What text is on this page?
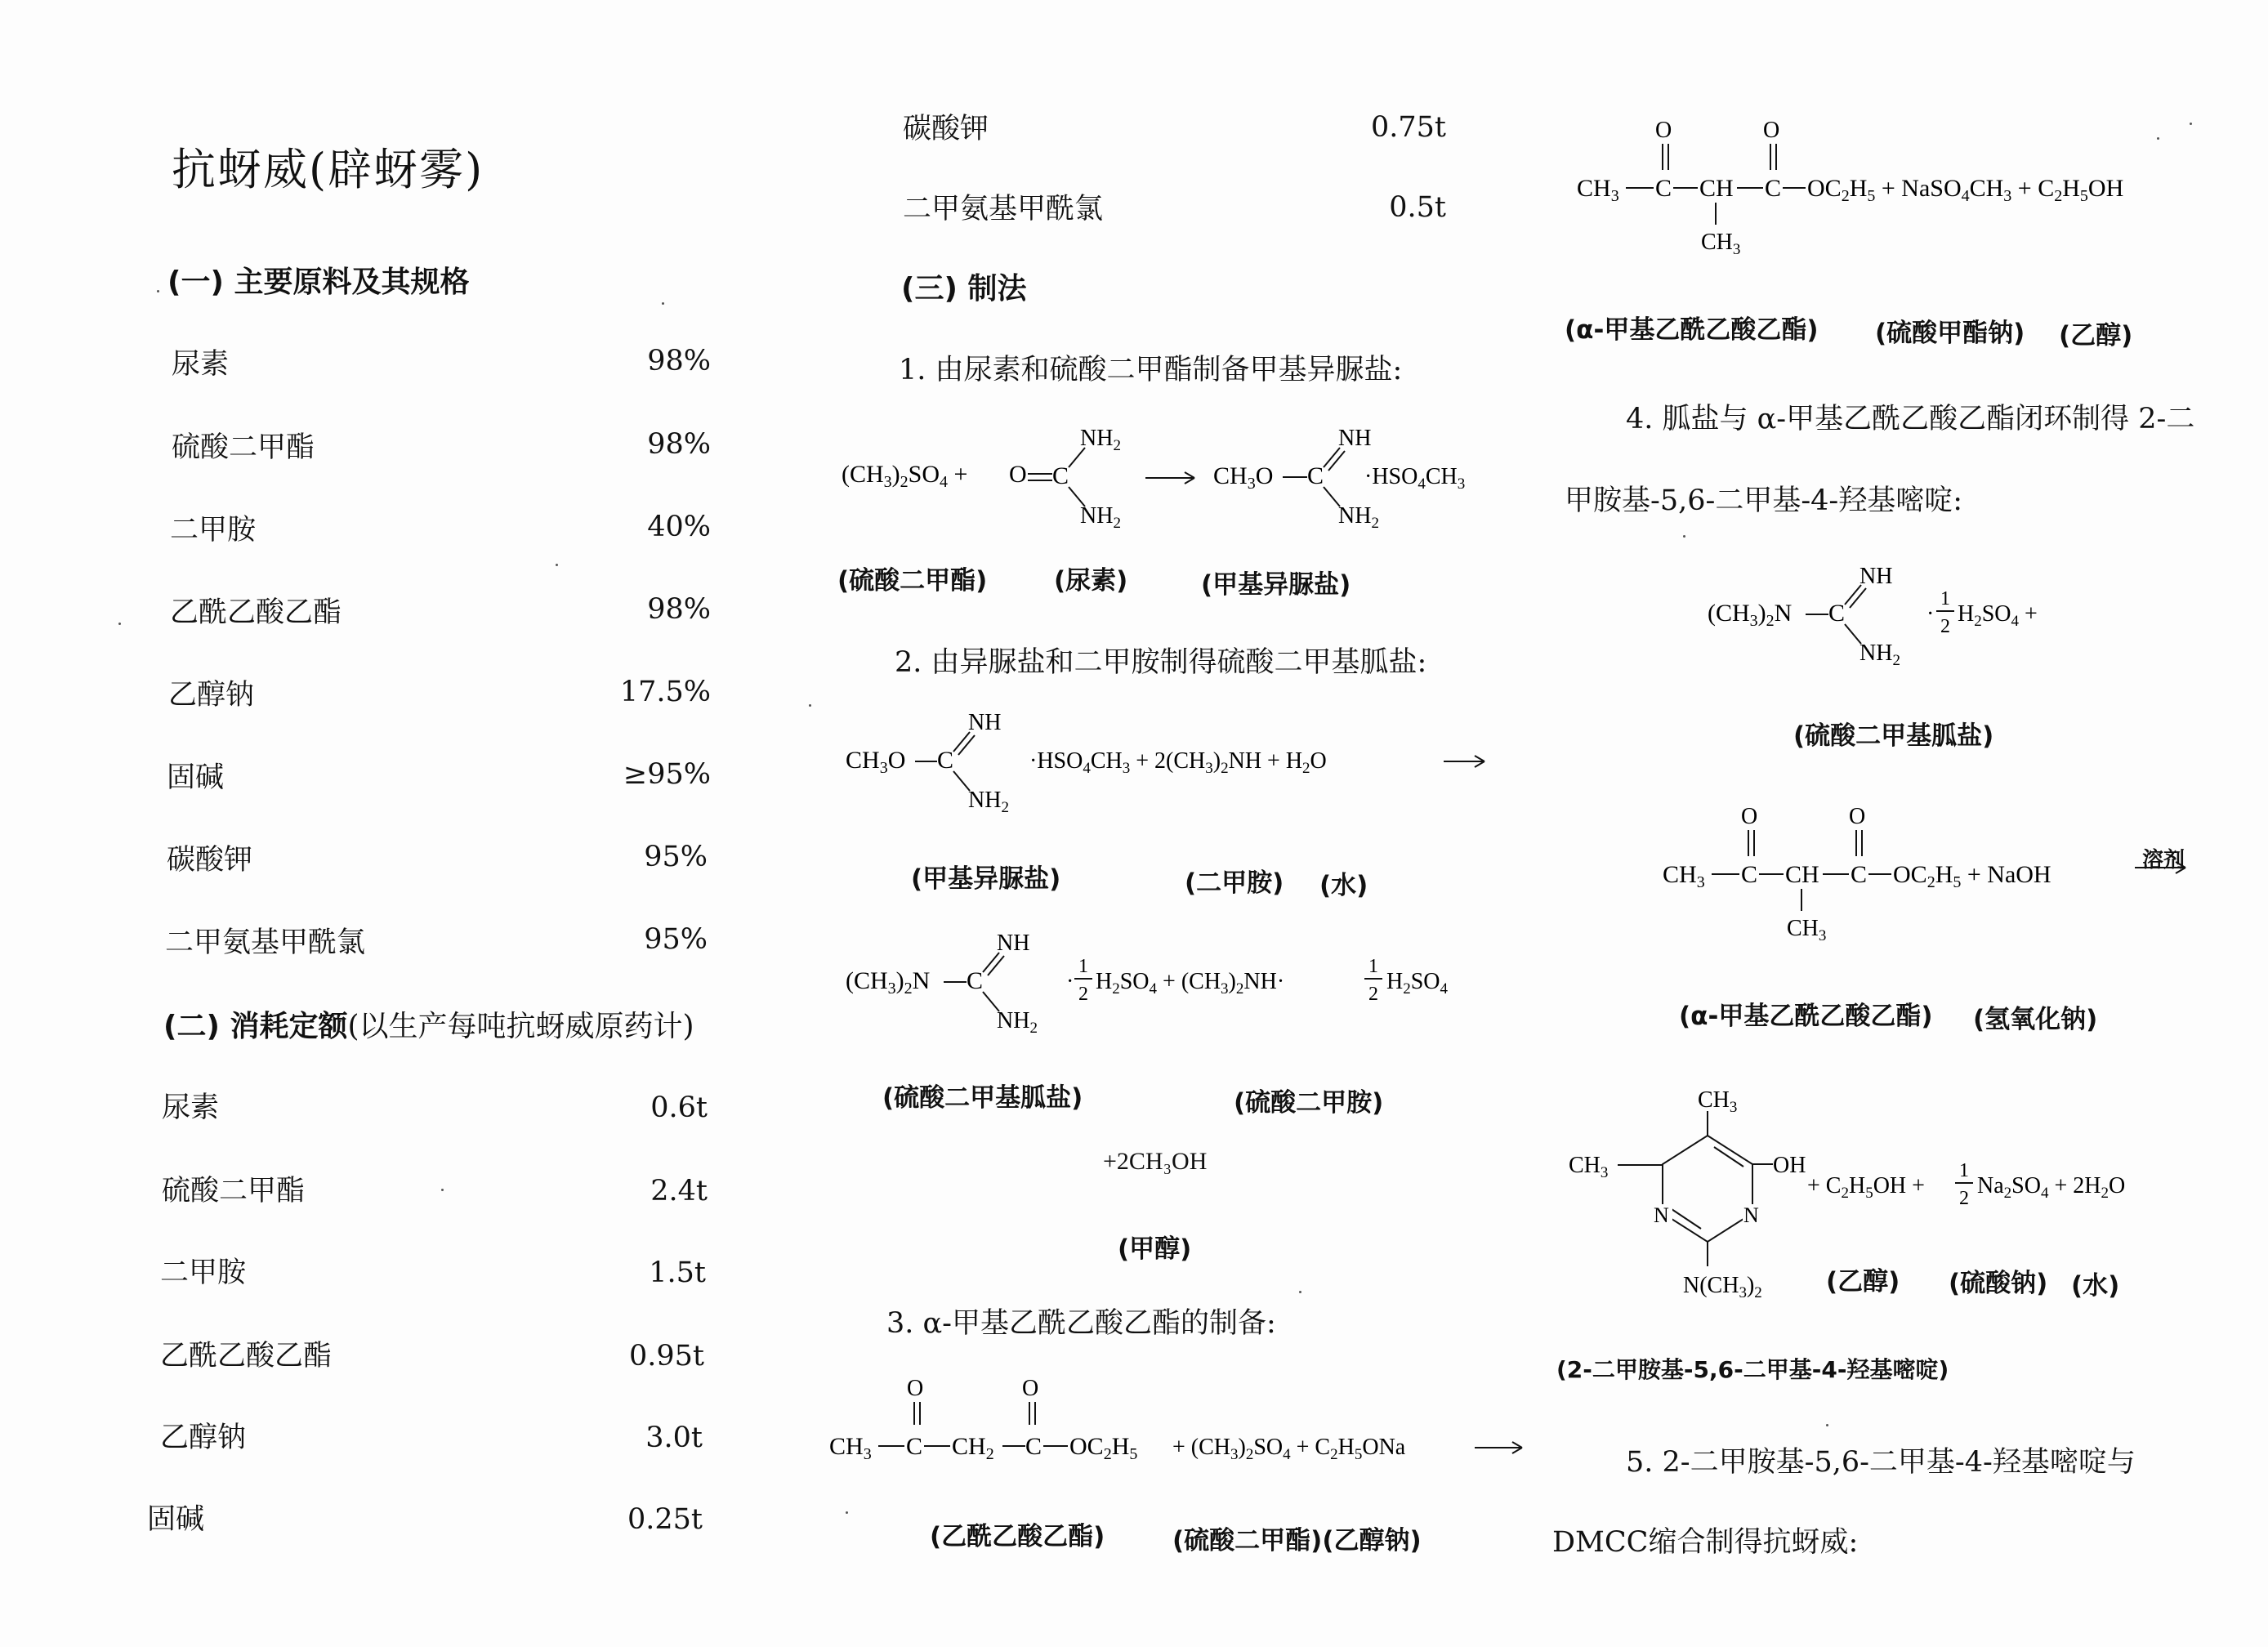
抗蚜威(辟蚜雾)
(一) 主要原料及其规格
尿素	98%
硫酸二甲酯	98%
二甲胺	40%
乙酰乙酸乙酯	98%
乙醇钠	17.5%
固碱	≥95%
碳酸钾	95%
二甲氨基甲酰氯	95%
(二) 消耗定额(以生产每吨抗蚜威原药计)
尿素	0.6t
硫酸二甲酯	2.4t
二甲胺	1.5t
乙酰乙酸乙酯	0.95t
乙醇钠	3.0t
固碱	0.25t
碳酸钾	0.75t
二甲氨基甲酰氯	0.5t
(三) 制法
1. 由尿素和硫酸二甲酯制备甲基异脲盐:
$(CH_3)_2SO_4 + O$ C
$NH_2$
$NH_2$
$CH_3O$ C
NH
$NH_2$
$\cdot HSO_4CH_3$
(硫酸二甲酯)	(尿素)	(甲基异脲盐)
2. 由异脲盐和二甲胺制得硫酸二甲基胍盐:
$CH_3O$ C
NH
$NH_2$
$\cdot HSO_4CH_3 + 2(CH_3)_2NH + H_2O$
(甲基异脲盐)	(二甲胺) (水)
$(CH_3)_2N$ C
NH
$NH_2$
·
1
2 $H_2SO_4 + (CH_3)_2NH\cdot$
1
2 $H_2SO_4$
(硫酸二甲基胍盐)	(硫酸二甲胺)
+2CH₃OH
(甲醇)
3. α-甲基乙酰乙酸乙酯的制备:
O
$CH_3$ C $CH_2$
O
C $OC_2H_5 + (CH_3)_2SO_4 + C_2H_5ONa$
(乙酰乙酸乙酯)	(硫酸二甲酯)(乙醇钠)
O
$CH_3$ C CH
$CH_3$
O
C $OC_2H_5$ + $NaSO_4CH_3 + C_2H_5OH$
(α-甲基乙酰乙酸乙酯) (硫酸甲酯钠) (乙醇)
4. 胍盐与 α-甲基乙酰乙酸乙酯闭环制得 2-二
甲胺基-5,6-二甲基-4-羟基嘧啶:
$(CH_3)_2N$ C
NH
$NH_2$
·
1
2 $H_2SO_4$ +
(硫酸二甲基胍盐)
O
$CH_3$ C CH
$CH_3$
O
C $OC_2H_5$ + NaOH
溶剂
(α-甲基乙酰乙酸乙酯) (氢氧化钠)
$CH_3$
$CH_3$	OH
N	N
$N(CH_3)_2$
+ $C_2H_5OH$ +
1
2 $Na_2SO_4 + 2H_2O$
(乙醇) (硫酸钠) (水)
(2-二甲胺基-5,6-二甲基-4-羟基嘧啶)
5. 2-二甲胺基-5,6-二甲基-4-羟基嘧啶与
DMCC缩合制得抗蚜威:
